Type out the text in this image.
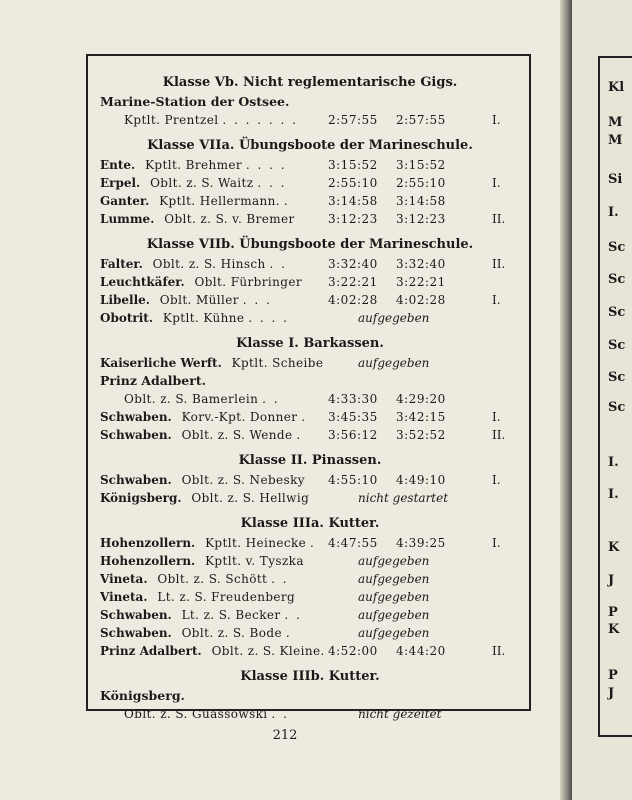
Klasse Vb. Nicht reglementarische Gigs.
Marine-Station der Ostsee.
Kptlt. Prentzel . . . . . . .	2:57:55 2:57:55	I.
Klasse VIIa. Übungsboote der Marineschule.
Ente. Kptlt. Brehmer . . . .	3:15:52 3:15:52
Erpel. Oblt. z. S. Waitz . . .	2:55:10 2:55:10	I.
Ganter. Kptlt. Hellermann. .	3:14:58 3:14:58
Lumme. Oblt. z. S. v. Bremer	3:12:23 3:12:23	II.
Klasse VIIb. Übungsboote der Marineschule.
Falter. Oblt. z. S. Hinsch . .	3:32:40 3:32:40	II.
Leuchtkäfer. Oblt. Fürbringer 3:22:21 3:22:21
Libelle. Oblt. Müller . . .	4:02:28 4:02:28	I.
Obotrit. Kptlt. Kühne . . . .	aufgegeben
Klasse I. Barkassen.
Kaiserliche Werft. Kptlt. Scheibe	aufgegeben
Prinz Adalbert.
Oblt. z. S. Bamerlein . .	4:33:30 4:29:20
Schwaben. Korv.-Kpt. Donner . 3:45:35 3:42:15	I.
Schwaben. Oblt. z. S. Wende . 3:56:12 3:52:52	II.
Klasse II. Pinassen.
Schwaben. Oblt. z. S. Nebesky 4:55:10 4:49:10	I.
Königsberg. Oblt. z. S. Hellwig	nicht gestartet
Klasse IIIa. Kutter.
Hohenzollern. Kptlt. Heinecke . 4:47:55 4:39:25	I.
Hohenzollern. Kptlt. v. Tyszka	aufgegeben
Vineta. Oblt. z. S. Schött . .	aufgegeben
Vineta. Lt. z. S. Freudenberg	aufgegeben
Schwaben. Lt. z. S. Becker . .	aufgegeben
Schwaben. Oblt. z. S. Bode .	aufgegeben
Prinz Adalbert. Oblt. z. S. Kleine. 4:52:00 4:44:20	II.
Klasse IIIb. Kutter.
Königsberg.
Oblt. z. S. Guassowski . .	nicht gezeitet
212
Kl
M
M
Si
I.
Sc
Sc
Sc
Sc
Sc
Sc
I.
I.
K
J
P
K
P
J
